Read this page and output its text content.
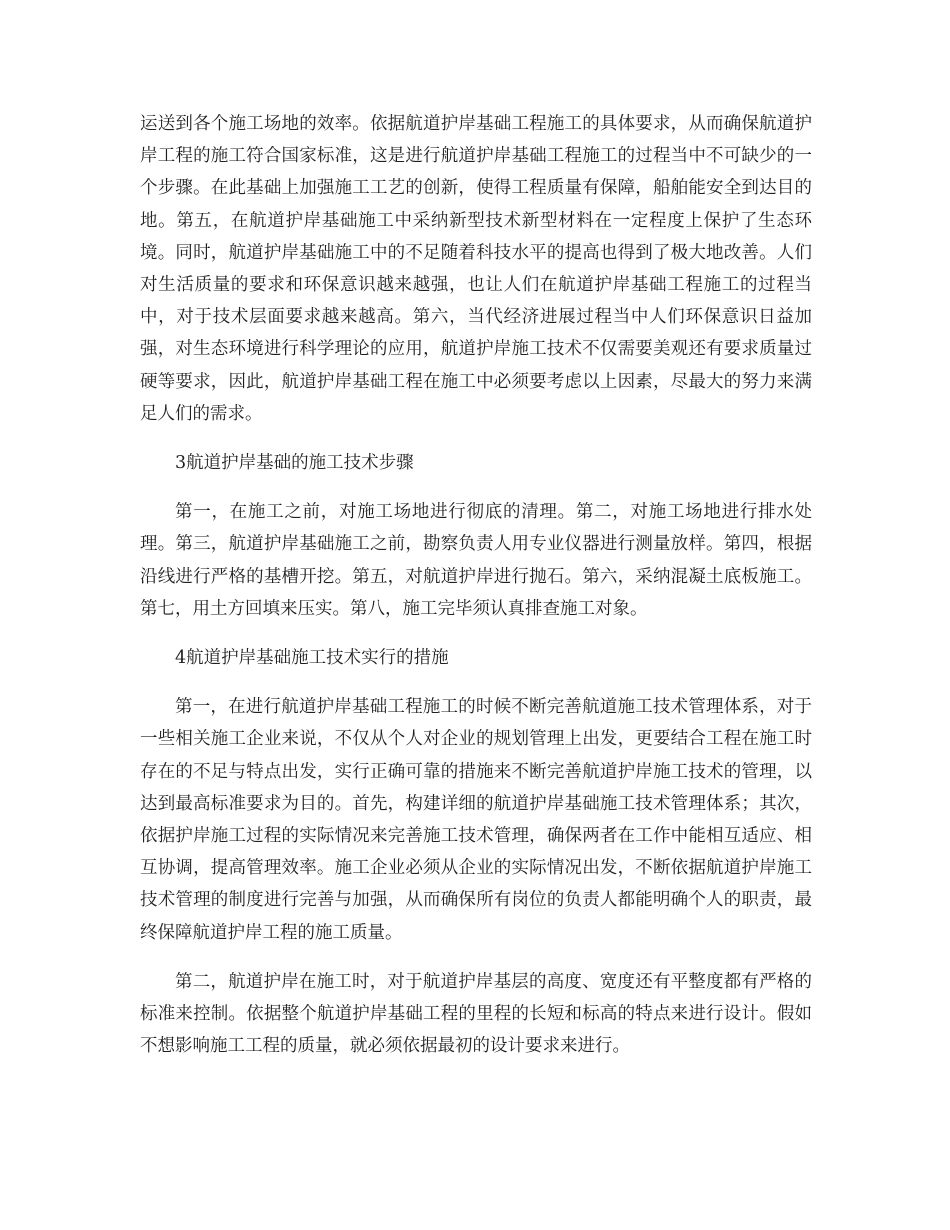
运送到各个施工场地的效率。依据航道护岸基础工程施工的具体要求，从而确保航道护岸工程的施工符合国家标准，这是进行航道护岸基础工程施工的过程当中不可缺少的一个步骤。在此基础上加强施工工艺的创新，使得工程质量有保障，船舶能安全到达目的地。第五，在航道护岸基础施工中采纳新型技术新型材料在一定程度上保护了生态环境。同时，航道护岸基础施工中的不足随着科技水平的提高也得到了极大地改善。人们对生活质量的要求和环保意识越来越强，也让人们在航道护岸基础工程施工的过程当中，对于技术层面要求越来越高。第六，当代经济进展过程当中人们环保意识日益加强，对生态环境进行科学理论的应用，航道护岸施工技术不仅需要美观还有要求质量过硬等要求，因此，航道护岸基础工程在施工中必须要考虑以上因素，尽最大的努力来满足人们的需求。

3航道护岸基础的施工技术步骤

第一，在施工之前，对施工场地进行彻底的清理。第二，对施工场地进行排水处理。第三，航道护岸基础施工之前，勘察负责人用专业仪器进行测量放样。第四，根据沿线进行严格的基槽开挖。第五，对航道护岸进行抛石。第六，采纳混凝土底板施工。第七，用土方回填来压实。第八，施工完毕须认真排查施工对象。

4航道护岸基础施工技术实行的措施

第一，在进行航道护岸基础工程施工的时候不断完善航道施工技术管理体系，对于一些相关施工企业来说，不仅从个人对企业的规划管理上出发，更要结合工程在施工时存在的不足与特点出发，实行正确可靠的措施来不断完善航道护岸施工技术的管理，以达到最高标准要求为目的。首先，构建详细的航道护岸基础施工技术管理体系；其次，依据护岸施工过程的实际情况来完善施工技术管理，确保两者在工作中能相互适应、相互协调，提高管理效率。施工企业必须从企业的实际情况出发，不断依据航道护岸施工技术管理的制度进行完善与加强，从而确保所有岗位的负责人都能明确个人的职责，最终保障航道护岸工程的施工质量。

第二，航道护岸在施工时，对于航道护岸基层的高度、宽度还有平整度都有严格的标准来控制。依据整个航道护岸基础工程的里程的长短和标高的特点来进行设计。假如不想影响施工工程的质量，就必须依据最初的设计要求来进行。
